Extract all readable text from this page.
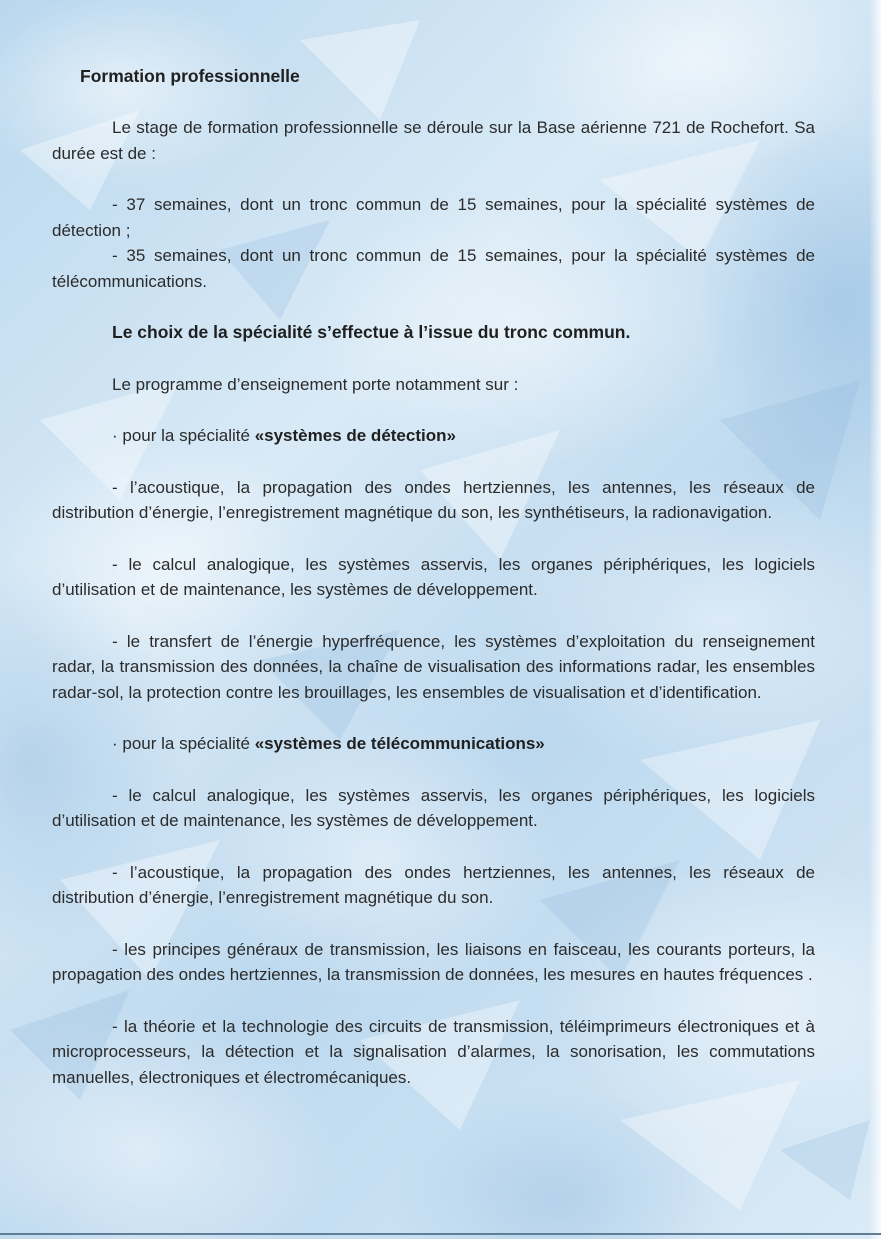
Formation professionnelle

Le stage de formation professionnelle se déroule sur la Base aérienne 721 de Rochefort. Sa durée est de :

- 37 semaines, dont un tronc commun de 15 semaines, pour la spécialité systèmes de détection ;

- 35 semaines, dont un tronc commun de 15 semaines, pour la spécialité systèmes de télécommunications.

Le choix de la spécialité s’effectue à l’issue du tronc commun.

Le programme d’enseignement porte notamment sur :

· pour la spécialité «systèmes de détection»

- l’acoustique, la propagation des ondes hertziennes, les antennes, les réseaux de distribution d’énergie, l’enregistrement magnétique du son, les synthétiseurs, la radionavigation.

- le calcul analogique, les systèmes asservis, les organes périphériques, les logiciels d’utilisation et de maintenance, les systèmes de développement.

- le transfert de l’énergie hyperfréquence, les systèmes d’exploitation du renseignement radar, la transmission des données, la chaîne de visualisation des informations radar, les ensembles radar-sol, la protection contre les brouillages, les ensembles de visualisation et d’identification.

· pour la spécialité «systèmes de télécommunications»

- le calcul analogique, les systèmes asservis, les organes périphériques, les logiciels d’utilisation et de maintenance, les systèmes de développement.

- l’acoustique, la propagation des ondes hertziennes, les antennes, les réseaux de distribution d’énergie, l’enregistrement magnétique du son.

- les principes généraux de transmission, les liaisons en faisceau, les courants porteurs, la propagation des ondes hertziennes, la transmission de données, les mesures en hautes fréquences .

- la théorie et la technologie des circuits de transmission, téléimprimeurs électroniques et à microprocesseurs, la détection et la signalisation d’alarmes, la sonorisation, les commutations manuelles, électroniques et électromécaniques.
